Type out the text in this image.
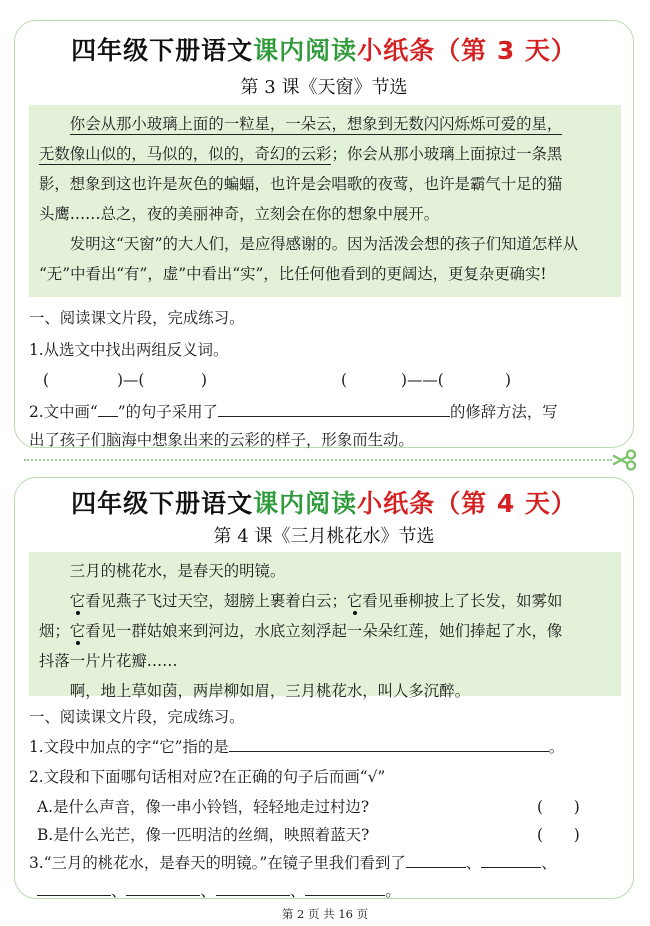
四年级下册语文课内阅读小纸条（第 3 天）
第 3 课《天窗》节选

你会从那小玻璃上面的一粒星，一朵云，想象到无数闪闪烁烁可爱的星，

无数像山似的，马似的，似的，奇幻的云彩；你会从那小玻璃上面掠过一条黑
影，想象到这也许是灰色的蝙蝠，也许是会唱歌的夜莺，也许是霸气十足的猫
头鹰……总之，夜的美丽神奇，立刻会在你的想象中展开。

发明这“天窗”的大人们，是应得感谢的。因为活泼会想的孩子们知道怎样从

“无”中看出“有”，虚”中看出“实”，比任何他看到的更阔达，更复杂更确实!

一、阅读课文片段，完成练习。
1.从选文中找出两组反义词。
(	)—(	)	(	)——(	)
2.文中画“ ”的句子采用了	的修辞方法，写
出了孩子们脑海中想象出来的云彩的样子，形象而生动。
四年级下册语文课内阅读小纸条（第 4 天）
第 4 课《三月桃花水》节选

三月的桃花水，是春天的明镜。

它看见燕子飞过天空，翅膀上裹着白云；它看见垂柳披上了长发，如雾如

烟；它看见一群姑娘来到河边，水底立刻浮起一朵朵红莲，她们捧起了水，像
抖落一片片花瓣……

啊，地上草如茵，两岸柳如眉，三月桃花水，叫人多沉醉。

一、阅读课文片段，完成练习。
1.文段中加点的字“它”指的是	。
2.文段和下面哪句话相对应?在正确的句子后而画“√”
A.是什么声音，像一串小铃铛，轻轻地走过村边?	(　　)
B.是什么光芒，像一匹明洁的丝绸，映照着蓝天?	(　　)
3.“三月的桃花水，是春天的明镜。”在镜子里我们看到了	、	、
、	、	、	。
第 2 页 共 16 页
